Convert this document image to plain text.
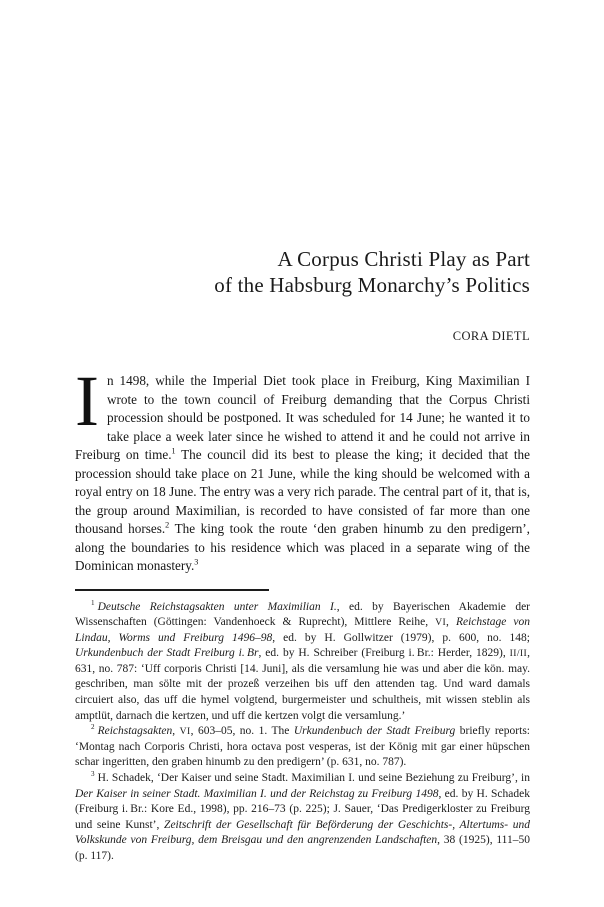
A Corpus Christi Play as Part
of the Habsburg Monarchy’s Politics
CORA DIETL

In 1498, while the Imperial Diet took place in Freiburg, King Maximilian I wrote to the town council of Freiburg demanding that the Corpus Christi procession should be postponed. It was scheduled for 14 June; he wanted it to take place a week later since he wished to attend it and he could not arrive in Freiburg on time.$^1$ The council did its best to please the king; it decided that the procession should take place on 21 June, while the king should be welcomed with a royal entry on 18 June. The entry was a very rich parade. The central part of it, that is, the group around Maximilian, is recorded to have consisted of far more than one thousand horses.$^2$ The king took the route ‘den graben hinumb zu den predigern’, along the boundaries to his residence which was placed in a separate wing of the Dominican monastery.$^3$

$^1$ Deutsche Reichstagsakten unter Maximilian I., ed. by Bayerischen Akademie der Wissenschaften (Göttingen: Vandenhoeck & Ruprecht), Mittlere Reihe, VI, Reichstage von Lindau, Worms und Freiburg 1496–98, ed. by H. Gollwitzer (1979), p. 600, no. 148; Urkundenbuch der Stadt Freiburg i. Br, ed. by H. Schreiber (Freiburg i. Br.: Herder, 1829), II/II, 631, no. 787: ‘Uff corporis Christi [14. Juni], als die versamlung hie was und aber die kön. may. geschriben, man sölte mit der prozeß verzeihen bis uff den attenden tag. Und ward damals circuiert also, das uff die hymel volgtend, burgermeister und schultheis, mit wissen steblin als amptlüt, darnach die kertzen, und uff die kertzen volgt die versamlung.’

$^2$ Reichstagsakten, VI, 603–05, no. 1. The Urkundenbuch der Stadt Freiburg briefly reports: ‘Montag nach Corporis Christi, hora octava post vesperas, ist der König mit gar einer hüpschen schar ingeritten, den graben hinumb zu den predigern’ (p. 631, no. 787).

$^3$ H. Schadek, ‘Der Kaiser und seine Stadt. Maximilian I. und seine Beziehung zu Freiburg’, in Der Kaiser in seiner Stadt. Maximilian I. und der Reichstag zu Freiburg 1498, ed. by H. Schadek (Freiburg i. Br.: Kore Ed., 1998), pp. 216–73 (p. 225); J. Sauer, ‘Das Predigerkloster zu Freiburg und seine Kunst’, Zeitschrift der Gesellschaft für Beförderung der Geschichts-, Altertums- und Volkskunde von Freiburg, dem Breisgau und den angrenzenden Landschaften, 38 (1925), 111–50 (p. 117).
